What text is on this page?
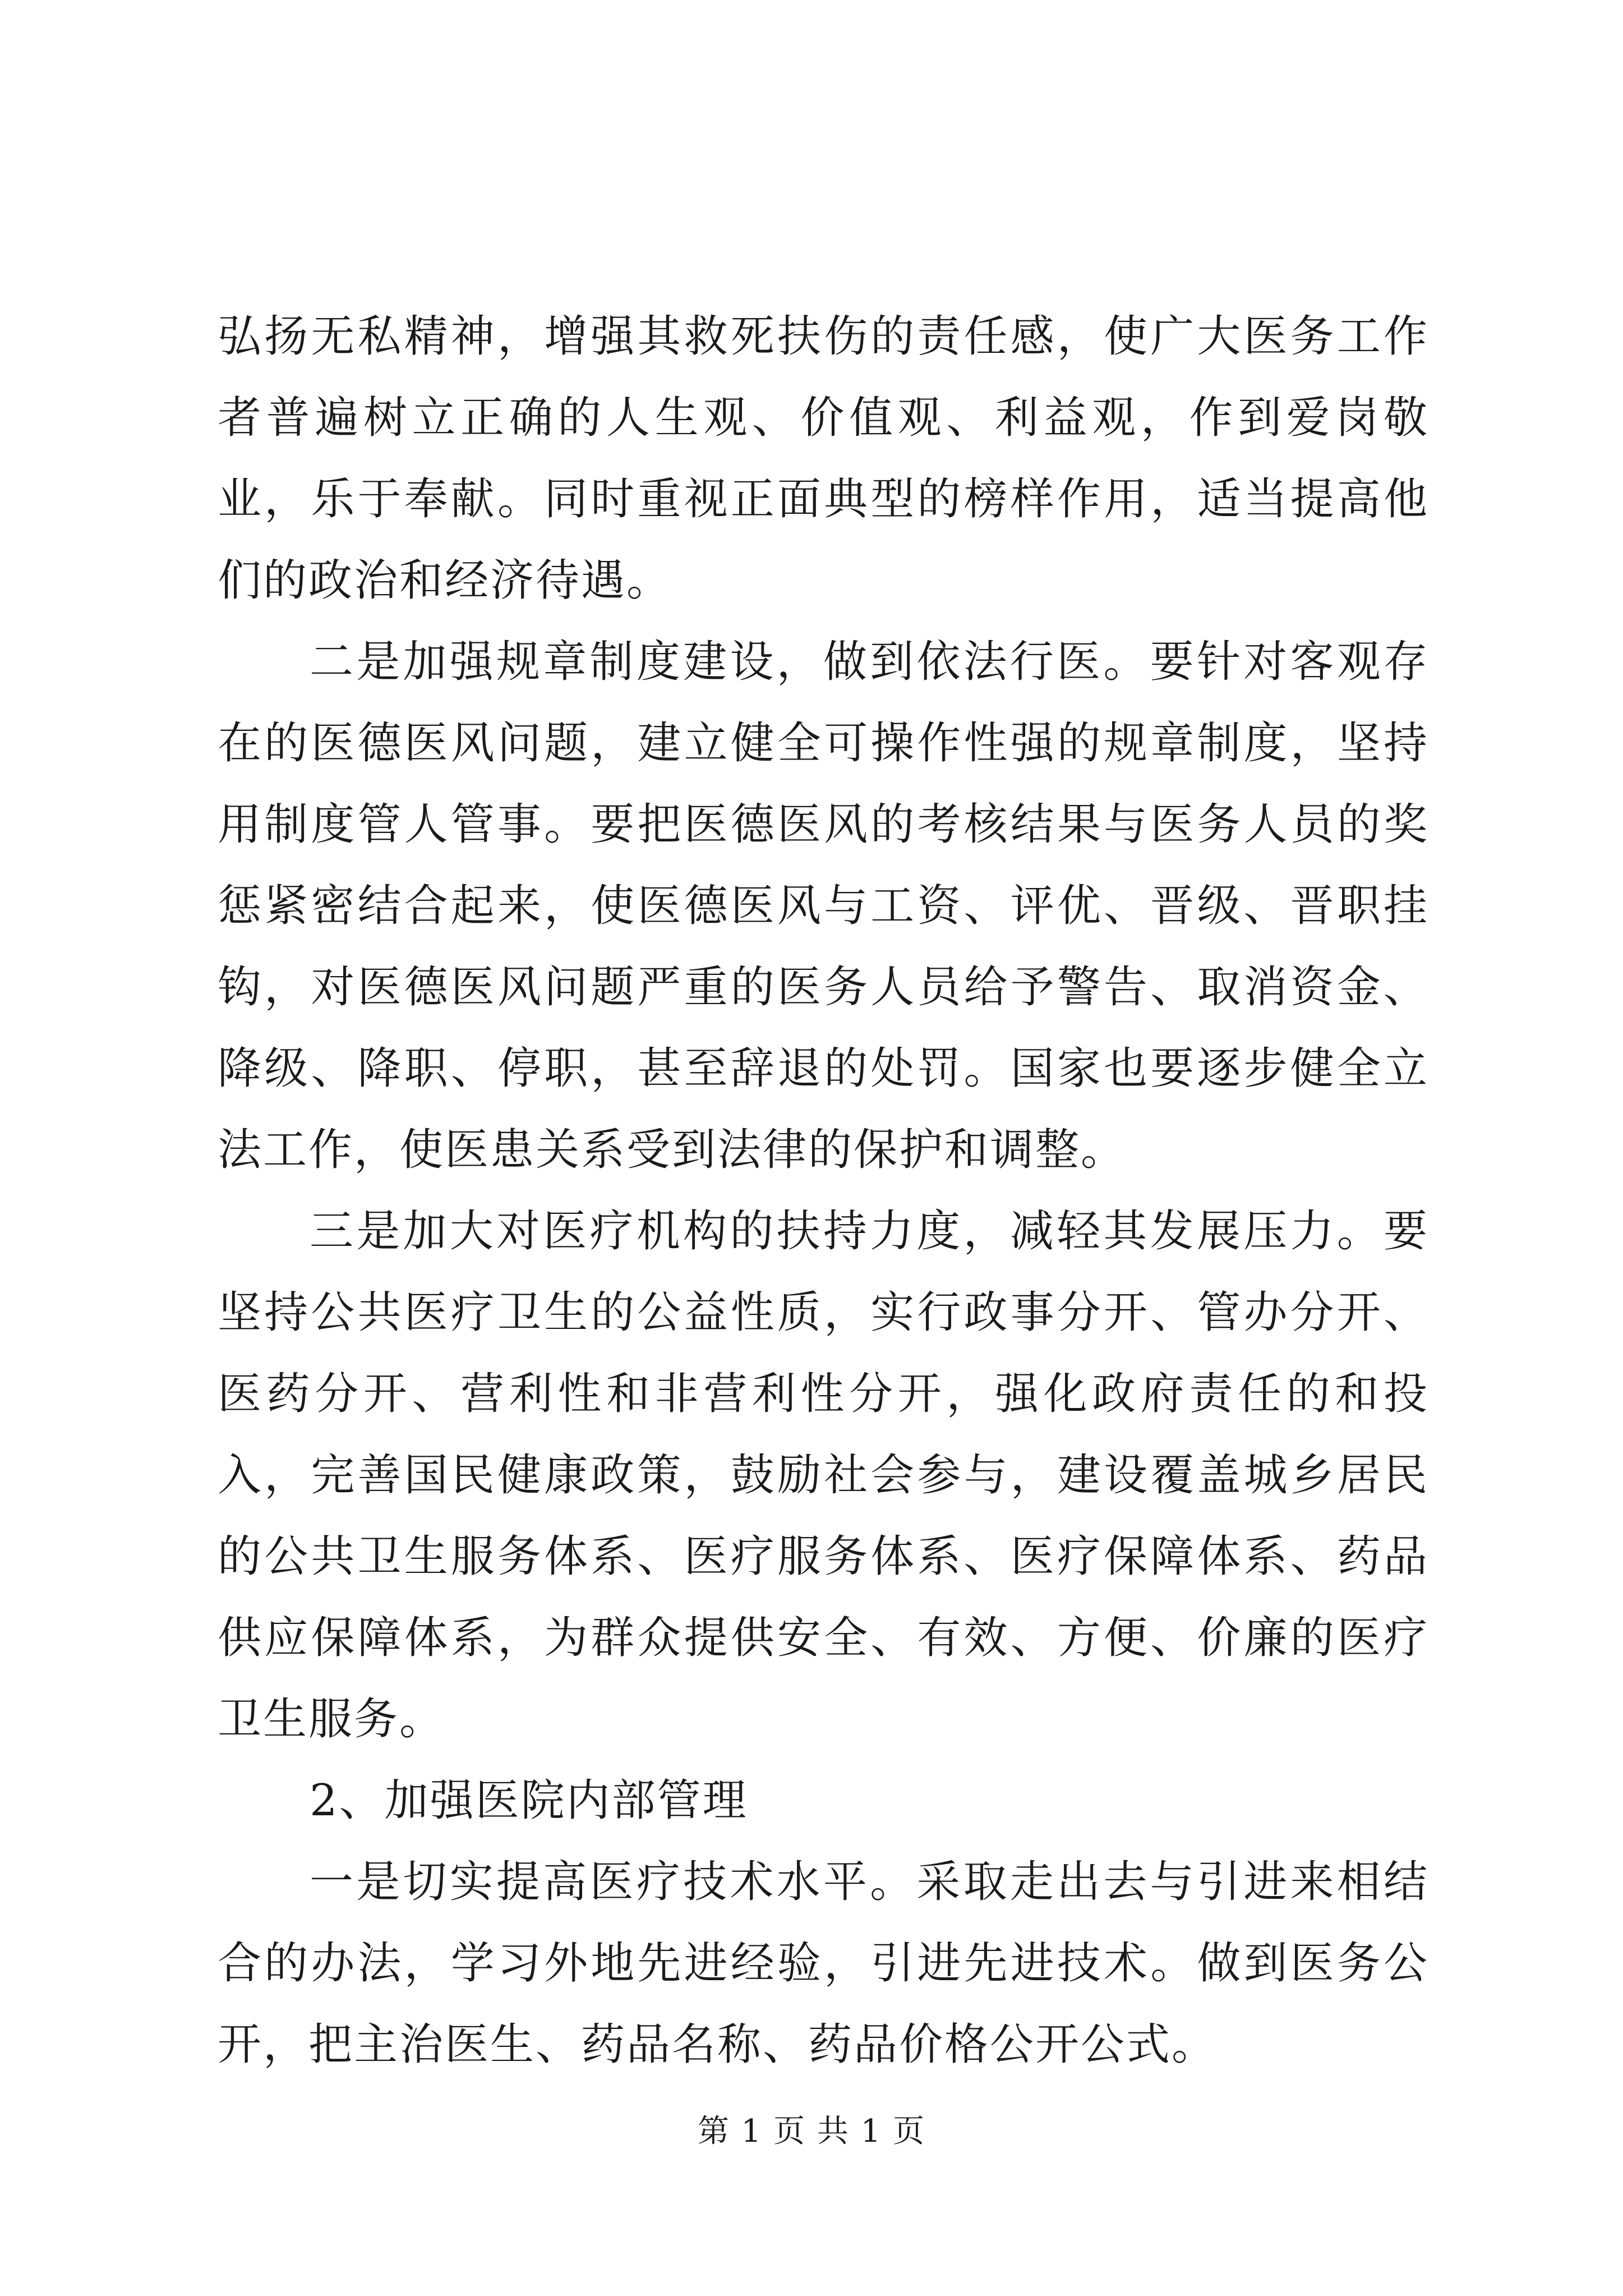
弘扬无私精神，增强其救死扶伤的责任感，使广大医务工作者普遍树立正确的人生观、价值观、利益观，作到爱岗敬业，乐于奉献。同时重视正面典型的榜样作用，适当提高他们的政治和经济待遇。

二是加强规章制度建设，做到依法行医。要针对客观存在的医德医风问题，建立健全可操作性强的规章制度，坚持用制度管人管事。要把医德医风的考核结果与医务人员的奖惩紧密结合起来，使医德医风与工资、评优、晋级、晋职挂钩，对医德医风问题严重的医务人员给予警告、取消资金、降级、降职、停职，甚至辞退的处罚。国家也要逐步健全立法工作，使医患关系受到法律的保护和调整。

三是加大对医疗机构的扶持力度，减轻其发展压力。要坚持公共医疗卫生的公益性质，实行政事分开、管办分开、医药分开、营利性和非营利性分开，强化政府责任的和投入，完善国民健康政策，鼓励社会参与，建设覆盖城乡居民的公共卫生服务体系、医疗服务体系、医疗保障体系、药品供应保障体系，为群众提供安全、有效、方便、价廉的医疗卫生服务。

2、加强医院内部管理

一是切实提高医疗技术水平。采取走出去与引进来相结合的办法，学习外地先进经验，引进先进技术。做到医务公开，把主治医生、药品名称、药品价格公开公式。

第 1 页 共 1 页
